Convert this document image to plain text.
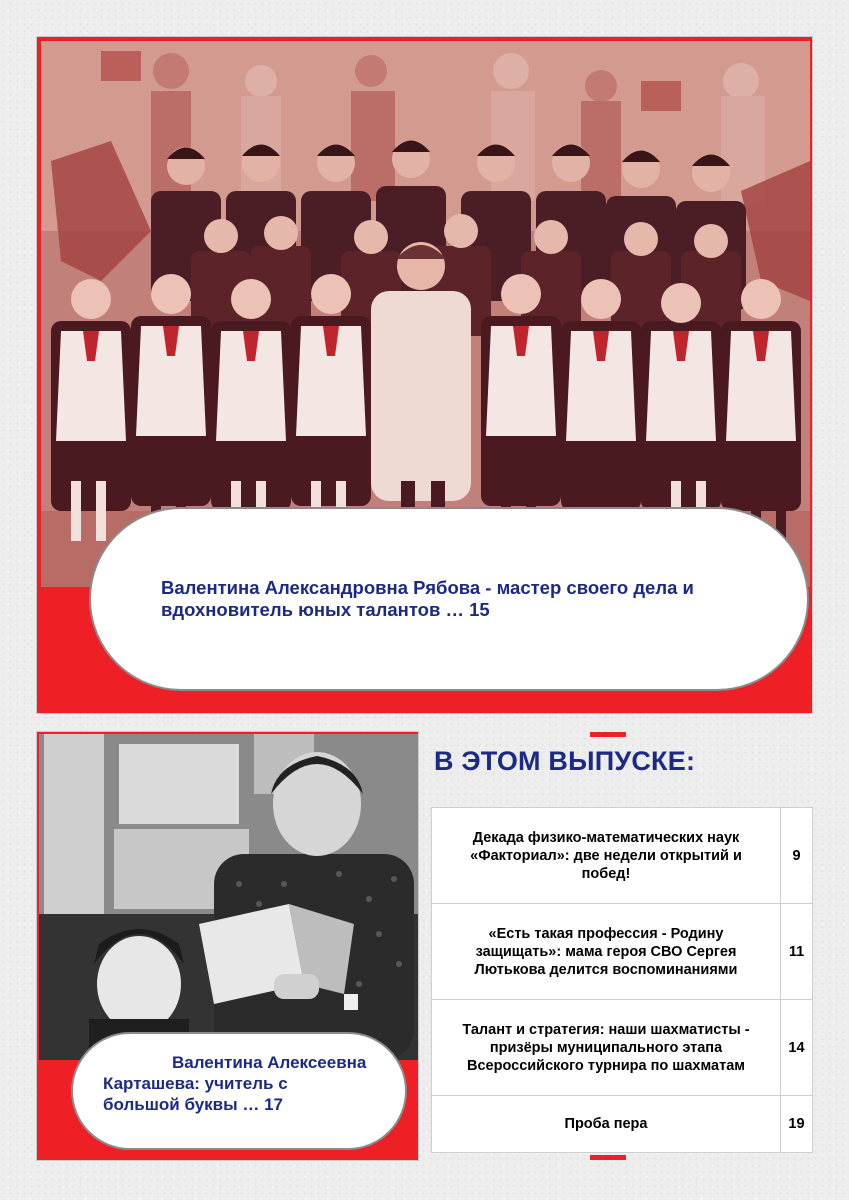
Валентина Александровна Рябова - мастер своего дела и
вдохновитель юных талантов … 15
Валентина Алексеевна
Карташева: учитель с
большой буквы … 17
В ЭТОМ ВЫПУСКЕ:
Декада физико-математических наук «Факториал»: две недели открытий и побед!
9
«Есть такая профессия - Родину защищать»: мама героя СВО Сергея Лютькова делится воспоминаниями
11
Талант и стратегия: наши шахматисты - призёры муниципального этапа Всероссийского турнира по шахматам
14
Проба пера	19
